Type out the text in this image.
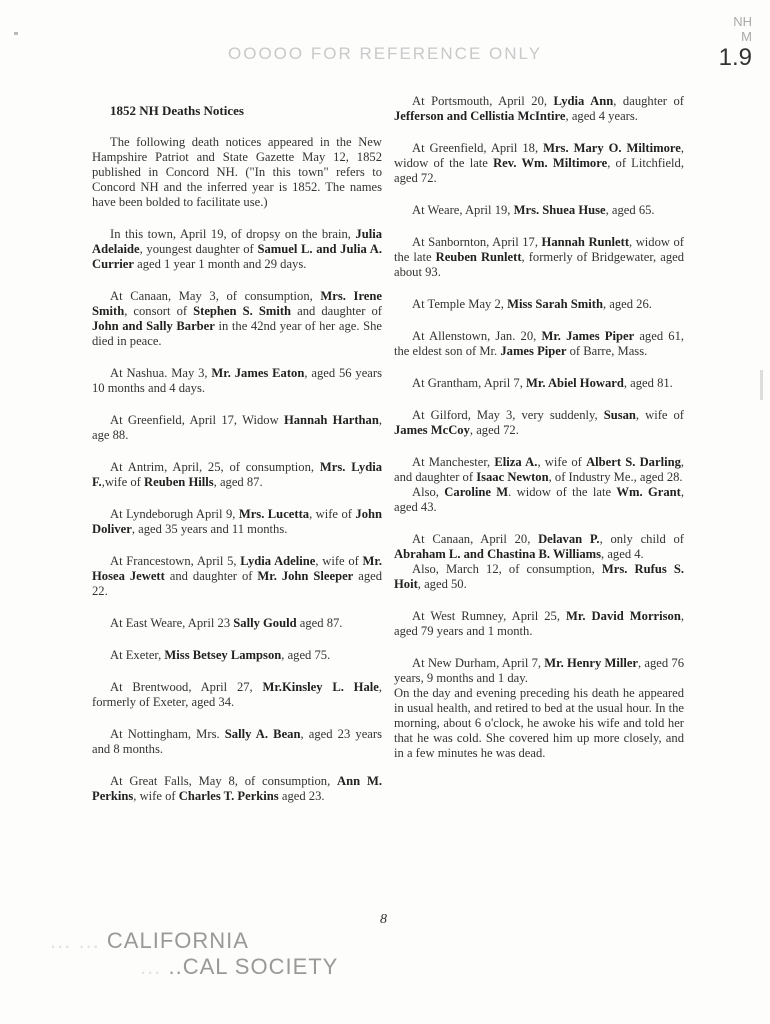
OOOOO FOR REFERENCE ONLY
NH
M
1.9

1852 NH Deaths Notices

The following death notices appeared in the New Hampshire Patriot and State Gazette May 12, 1852 published in Concord NH. ("In this town" refers to Concord NH and the inferred year is 1852. The names have been bolded to facilitate use.)

In this town, April 19, of dropsy on the brain, Julia Adelaide, youngest daughter of Samuel L. and Julia A. Currier aged 1 year 1 month and 29 days.

At Canaan, May 3, of consumption, Mrs. Irene Smith, consort of Stephen S. Smith and daughter of John and Sally Barber in the 42nd year of her age. She died in peace.

At Nashua. May 3, Mr. James Eaton, aged 56 years 10 months and 4 days.

At Greenfield, April 17, Widow Hannah Harthan, age 88.

At Antrim, April, 25, of consumption, Mrs. Lydia F.,wife of Reuben Hills, aged 87.

At Lyndeborugh April 9, Mrs. Lucetta, wife of John Doliver, aged 35 years and 11 months.

At Francestown, April 5, Lydia Adeline, wife of Mr. Hosea Jewett and daughter of Mr. John Sleeper aged 22.

At East Weare, April 23 Sally Gould aged 87.

At Exeter, Miss Betsey Lampson, aged 75.

At Brentwood, April 27, Mr.Kinsley L. Hale, formerly of Exeter, aged 34.

At Nottingham, Mrs. Sally A. Bean, aged 23 years and 8 months.

At Great Falls, May 8, of consumption, Ann M. Perkins, wife of Charles T. Perkins aged 23.

At Portsmouth, April 20, Lydia Ann, daughter of Jefferson and Cellistia McIntire, aged 4 years.

At Greenfield, April 18, Mrs. Mary O. Miltimore, widow of the late Rev. Wm. Miltimore, of Litchfield, aged 72.

At Weare, April 19, Mrs. Shuea Huse, aged 65.

At Sanbornton, April 17, Hannah Runlett, widow of the late Reuben Runlett, formerly of Bridgewater, aged about 93.

At Temple May 2, Miss Sarah Smith, aged 26.

At Allenstown, Jan. 20, Mr. James Piper aged 61, the eldest son of Mr. James Piper of Barre, Mass.

At Grantham, April 7, Mr. Abiel Howard, aged 81.

At Gilford, May 3, very suddenly, Susan, wife of James McCoy, aged 72.

At Manchester, Eliza A., wife of Albert S. Darling, and daughter of Isaac Newton, of Industry Me., aged 28.

Also, Caroline M. widow of the late Wm. Grant, aged 43.

At Canaan, April 20, Delavan P., only child of Abraham L. and Chastina B. Williams, aged 4.

Also, March 12, of consumption, Mrs. Rufus S. Hoit, aged 50.

At West Rumney, April 25, Mr. David Morrison, aged 79 years and 1 month.

At New Durham, April 7, Mr. Henry Miller, aged 76 years, 9 months and 1 day.

On the day and evening preceding his death he appeared in usual health, and retired to bed at the usual hour. In the morning, about 6 o'clock, he awoke his wife and told her that he was cold. She covered him up more closely, and in a few minutes he was dead.

8
... ... CALIFORNIA
... ..CAL SOCIETY
